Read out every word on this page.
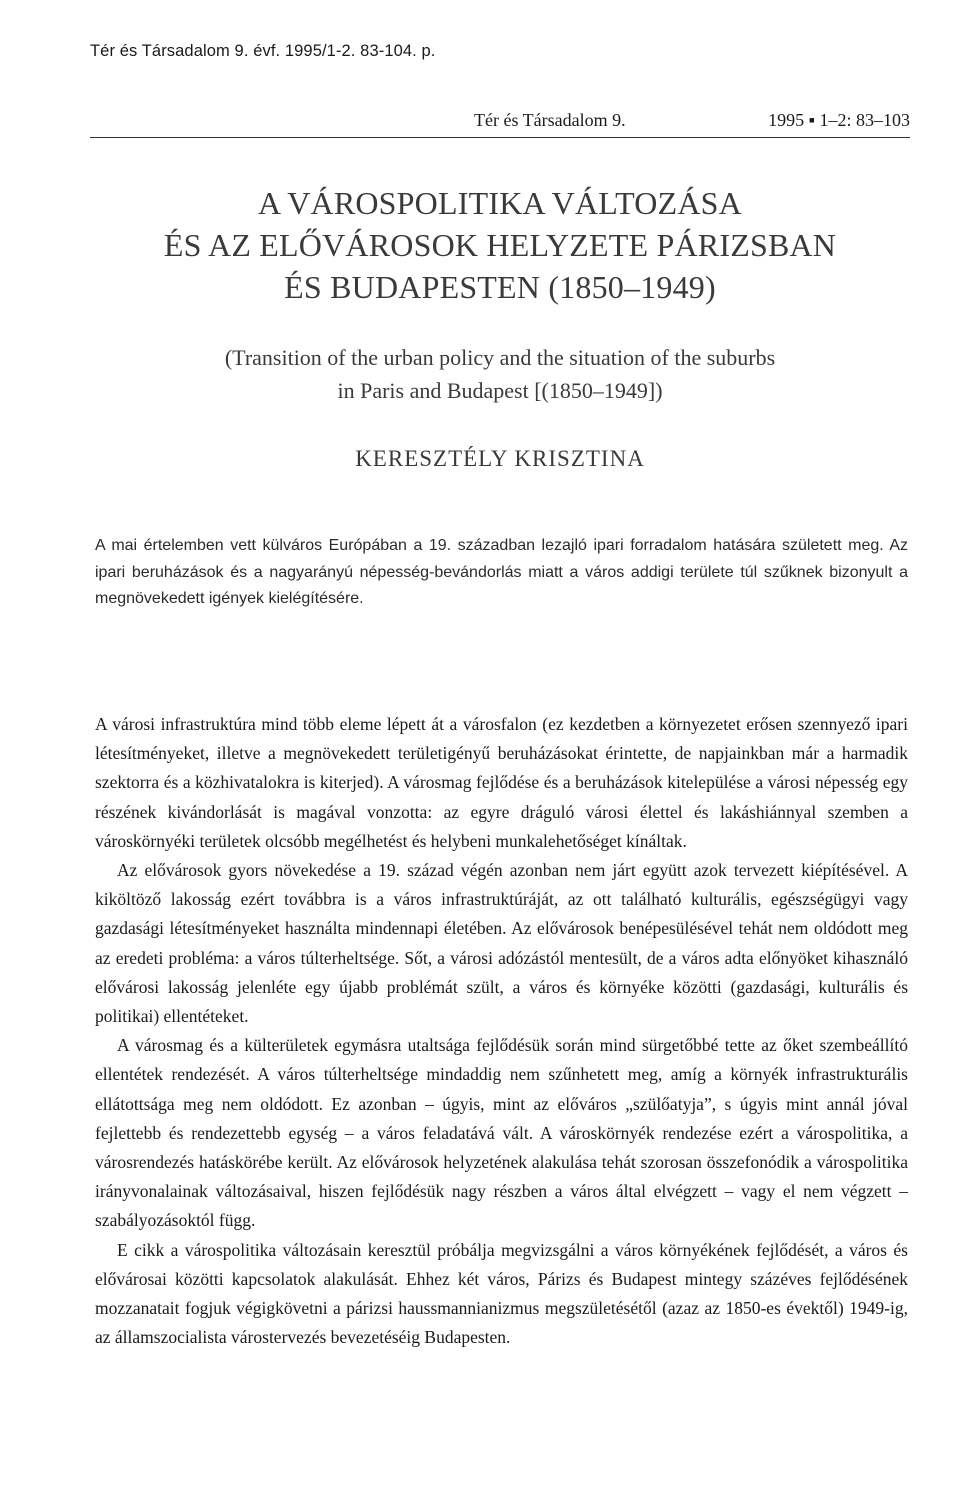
Tér és Társadalom 9. évf. 1995/1-2. 83-104. p.
Tér és Társadalom 9.	1995 ▪ 1–2: 83–103
A VÁROSPOLITIKA VÁLTOZÁSA
ÉS AZ ELŐVÁROSOK HELYZETE PÁRIZSBAN
ÉS BUDAPESTEN (1850–1949)
(Transition of the urban policy and the situation of the suburbs
in Paris and Budapest [(1850–1949])
KERESZTÉLY KRISZTINA
A mai értelemben vett külváros Európában a 19. században lezajló ipari forradalom hatására született meg. Az ipari beruházások és a nagyarányú népesség-bevándorlás miatt a város addigi területe túl szűknek bizonyult a megnövekedett igények kielégítésére.

A városi infrastruktúra mind több eleme lépett át a városfalon (ez kezdetben a környezetet erősen szennyező ipari létesítményeket, illetve a megnövekedett területigényű beruházásokat érintette, de napjainkban már a harmadik szektorra és a közhivatalokra is kiterjed). A városmag fejlődése és a beruházások kitelepülése a városi népesség egy részének kivándorlását is magával vonzotta: az egyre dráguló városi élettel és lakáshiánnyal szemben a városkörnyéki területek olcsóbb megélhetést és helybeni munkalehetőséget kínáltak.

Az elővárosok gyors növekedése a 19. század végén azonban nem járt együtt azok tervezett kiépítésével. A kiköltöző lakosság ezért továbbra is a város infrastruktúráját, az ott található kulturális, egészségügyi vagy gazdasági létesítményeket használta mindennapi életében. Az elővárosok benépesülésével tehát nem oldódott meg az eredeti probléma: a város túlterheltsége. Sőt, a városi adózástól mentesült, de a város adta előnyöket kihasználó elővárosi lakosság jelenléte egy újabb problémát szült, a város és környéke közötti (gazdasági, kulturális és politikai) ellentéteket.

A városmag és a külterületek egymásra utaltsága fejlődésük során mind sürgetőbbé tette az őket szembeállító ellentétek rendezését. A város túlterheltsége mindaddig nem szűnhetett meg, amíg a környék infrastrukturális ellátottsága meg nem oldódott. Ez azonban – úgyis, mint az előváros „szülőatyja”, s úgyis mint annál jóval fejlettebb és rendezettebb egység – a város feladatává vált. A városkörnyék rendezése ezért a várospolitika, a városrendezés hatáskörébe került. Az elővárosok helyzetének alakulása tehát szorosan összefonódik a várospolitika irányvonalainak változásaival, hiszen fejlődésük nagy részben a város által elvégzett – vagy el nem végzett – szabályozásoktól függ.

E cikk a várospolitika változásain keresztül próbálja megvizsgálni a város környékének fejlődését, a város és elővárosai közötti kapcsolatok alakulását. Ehhez két város, Párizs és Budapest mintegy százéves fejlődésének mozzanatait fogjuk végigkövetni a párizsi haussmannianizmus megszületésétől (azaz az 1850-es évektől) 1949-ig, az államszocialista várostervezés bevezetéséig Budapesten.
